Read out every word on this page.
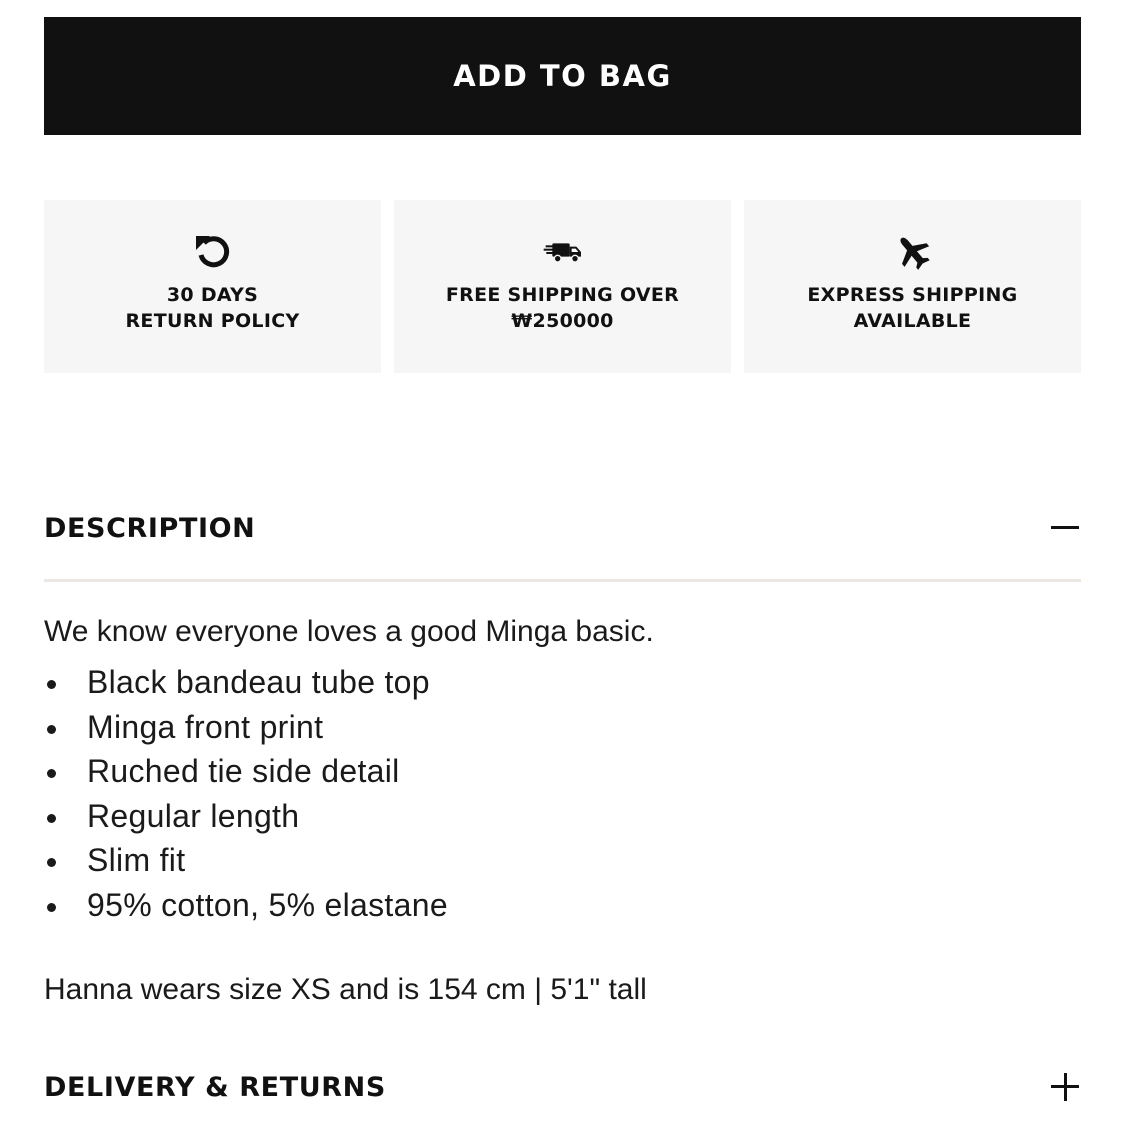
ADD TO BAG
30 DAYS
RETURN POLICY
FREE SHIPPING OVER
₩250000
EXPRESS SHIPPING
AVAILABLE
DESCRIPTION

We know everyone loves a good Minga basic.

Black bandeau tube top
Minga front print
Ruched tie side detail
Regular length
Slim fit
95% cotton, 5% elastane

Hanna wears size XS and is 154 cm | 5'1" tall

DELIVERY & RETURNS
